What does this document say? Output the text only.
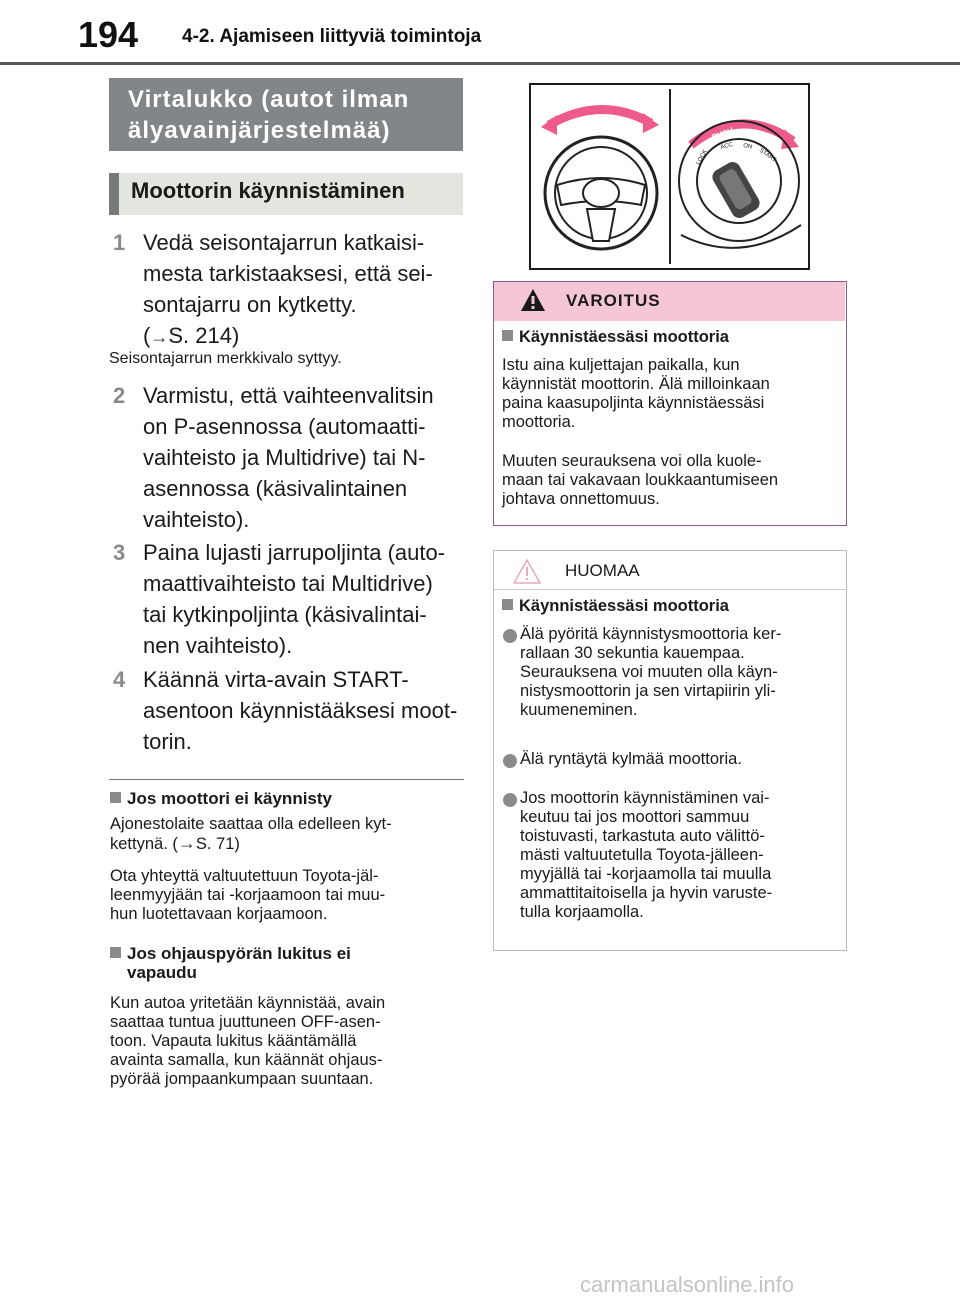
194 4-2. Ajamiseen liittyviä toimintoja
Virtalukko (autot ilman
älyavainjärjestelmää)
Moottorin käynnistäminen
1 Vedä seisontajarrun katkaisi-
mesta tarkistaaksesi, että sei-
sontajarru on kytketty.
(→S. 214)
Seisontajarrun merkkivalo syttyy.
2 Varmistu, että vaihteenvalitsin
on P-asennossa (automaatti-
vaihteisto ja Multidrive) tai N-
asennossa (käsivalintainen
vaihteisto).
3 Paina lujasti jarrupoljinta (auto-
maattivaihteisto tai Multidrive)
tai kytkinpoljinta (käsivalintai-
nen vaihteisto).
4 Käännä virta-avain START-
asentoon käynnistääksesi moot-
torin.
Jos moottori ei käynnisty
Ajonestolaite saattaa olla edelleen kyt-
kettynä. (→S. 71)
Ota yhteyttä valtuutettuun Toyota-jäl-
leenmyyjään tai -korjaamoon tai muu-
hun luotettavaan korjaamoon.
Jos ohjauspyörän lukitus ei
vapaudu
Kun autoa yritetään käynnistää, avain
saattaa tuntua juuttuneen OFF-asen-
toon. Vapauta lukitus kääntämällä
avainta samalla, kun käännät ohjaus-
pyörää jompaankumpaan suuntaan.
PUSH
LOCK
ACC ON
START
VAROITUS
Käynnistäessäsi moottoria
Istu aina kuljettajan paikalla, kun
käynnistät moottorin. Älä milloinkaan
paina kaasupoljinta käynnistäessäsi
moottoria.
Muuten seurauksena voi olla kuole-
maan tai vakavaan loukkaantumiseen
johtava onnettomuus.
HUOMAA
Käynnistäessäsi moottoria
Älä pyöritä käynnistysmoottoria ker-
rallaan 30 sekuntia kauempaa.
Seurauksena voi muuten olla käyn-
nistysmoottorin ja sen virtapiirin yli-
kuumeneminen.
Älä ryntäytä kylmää moottoria.
Jos moottorin käynnistäminen vai-
keutuu tai jos moottori sammuu
toistuvasti, tarkastuta auto välittö-
mästi valtuutetulla Toyota-jälleen-
myyjällä tai -korjaamolla tai muulla
ammattitaitoisella ja hyvin varuste-
tulla korjaamolla.
carmanualsonline.info
